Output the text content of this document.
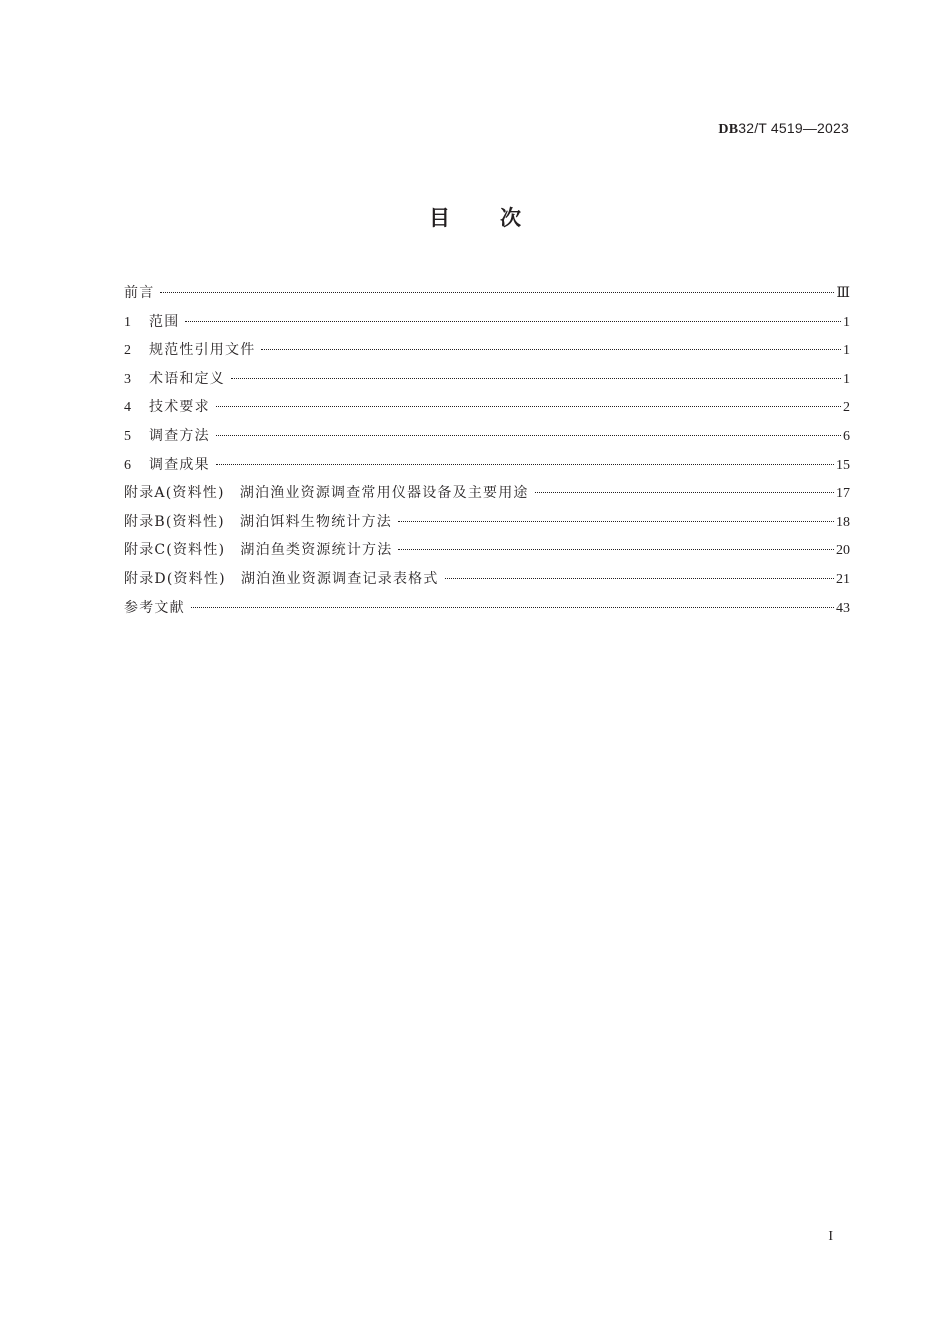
DB32/T 4519—2023
目次
前言	Ⅲ
1	范围	1
2	规范性引用文件	1
3	术语和定义	1
4	技术要求	2
5	调查方法	6
6	调查成果	15
附录A(资料性)　湖泊渔业资源调查常用仪器设备及主要用途	17
附录B(资料性)　湖泊饵料生物统计方法	18
附录C(资料性)　湖泊鱼类资源统计方法	20
附录D(资料性)　湖泊渔业资源调查记录表格式	21
参考文献	43
I
